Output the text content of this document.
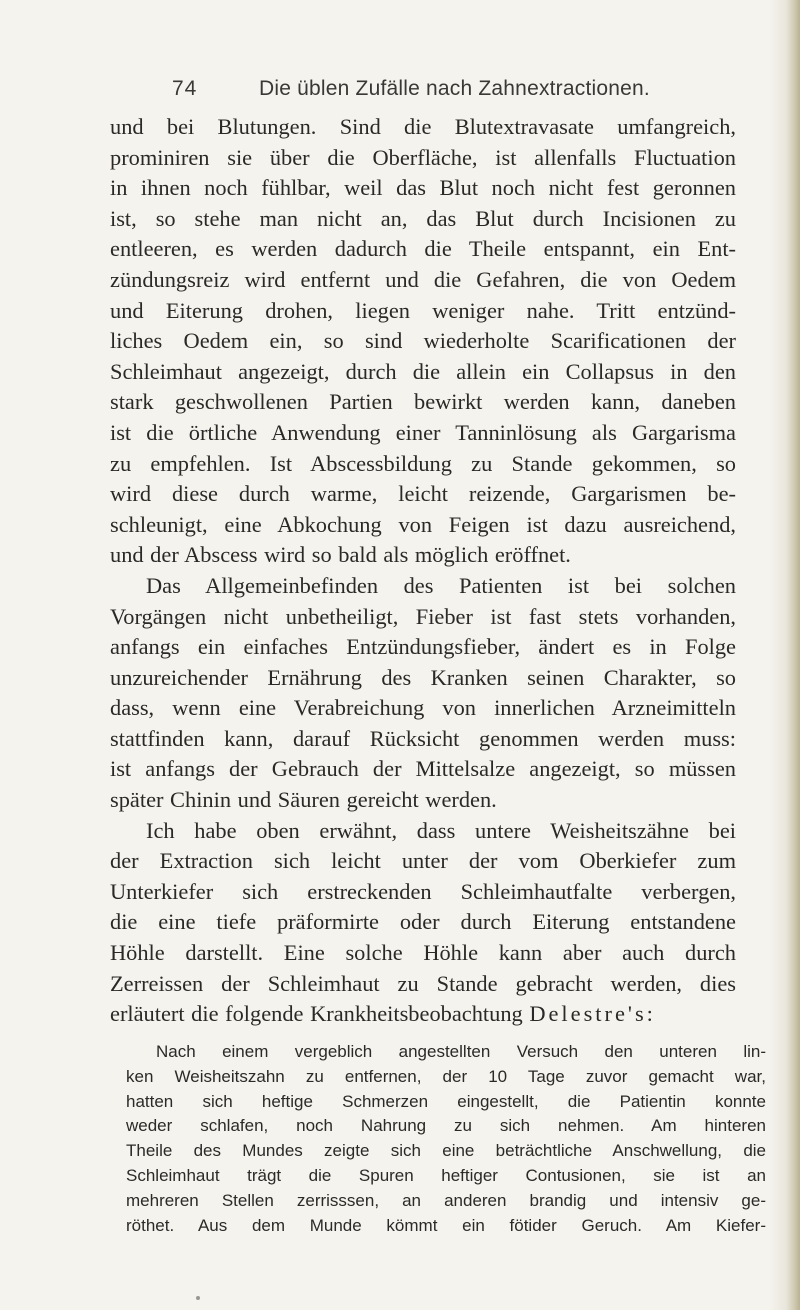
74	Die üblen Zufälle nach Zahnextractionen.
und bei Blutungen. Sind die Blutextravasate umfangreich,
prominiren sie über die Oberfläche, ist allenfalls Fluctuation
in ihnen noch fühlbar, weil das Blut noch nicht fest geronnen
ist, so stehe man nicht an, das Blut durch Incisionen zu
entleeren, es werden dadurch die Theile entspannt, ein Ent-
zündungsreiz wird entfernt und die Gefahren, die von Oedem
und Eiterung drohen, liegen weniger nahe. Tritt entzünd-
liches Oedem ein, so sind wiederholte Scarificationen der
Schleimhaut angezeigt, durch die allein ein Collapsus in den
stark geschwollenen Partien bewirkt werden kann, daneben
ist die örtliche Anwendung einer Tanninlösung als Gargarisma
zu empfehlen. Ist Abscessbildung zu Stande gekommen, so
wird diese durch warme, leicht reizende, Gargarismen be-
schleunigt, eine Abkochung von Feigen ist dazu ausreichend,
und der Abscess wird so bald als möglich eröffnet.
Das Allgemeinbefinden des Patienten ist bei solchen
Vorgängen nicht unbetheiligt, Fieber ist fast stets vorhanden,
anfangs ein einfaches Entzündungsfieber, ändert es in Folge
unzureichender Ernährung des Kranken seinen Charakter, so
dass, wenn eine Verabreichung von innerlichen Arzneimitteln
stattfinden kann, darauf Rücksicht genommen werden muss:
ist anfangs der Gebrauch der Mittelsalze angezeigt, so müssen
später Chinin und Säuren gereicht werden.
Ich habe oben erwähnt, dass untere Weisheitszähne bei
der Extraction sich leicht unter der vom Oberkiefer zum
Unterkiefer sich erstreckenden Schleimhautfalte verbergen,
die eine tiefe präformirte oder durch Eiterung entstandene
Höhle darstellt. Eine solche Höhle kann aber auch durch
Zerreissen der Schleimhaut zu Stande gebracht werden, dies
erläutert die folgende Krankheitsbeobachtung Delestre's:
Nach einem vergeblich angestellten Versuch den unteren lin-
ken Weisheitszahn zu entfernen, der 10 Tage zuvor gemacht war,
hatten sich heftige Schmerzen eingestellt, die Patientin konnte
weder schlafen, noch Nahrung zu sich nehmen. Am hinteren
Theile des Mundes zeigte sich eine beträchtliche Anschwellung, die
Schleimhaut trägt die Spuren heftiger Contusionen, sie ist an
mehreren Stellen zerrisssen, an anderen brandig und intensiv ge-
röthet. Aus dem Munde kömmt ein fötider Geruch. Am Kiefer-
